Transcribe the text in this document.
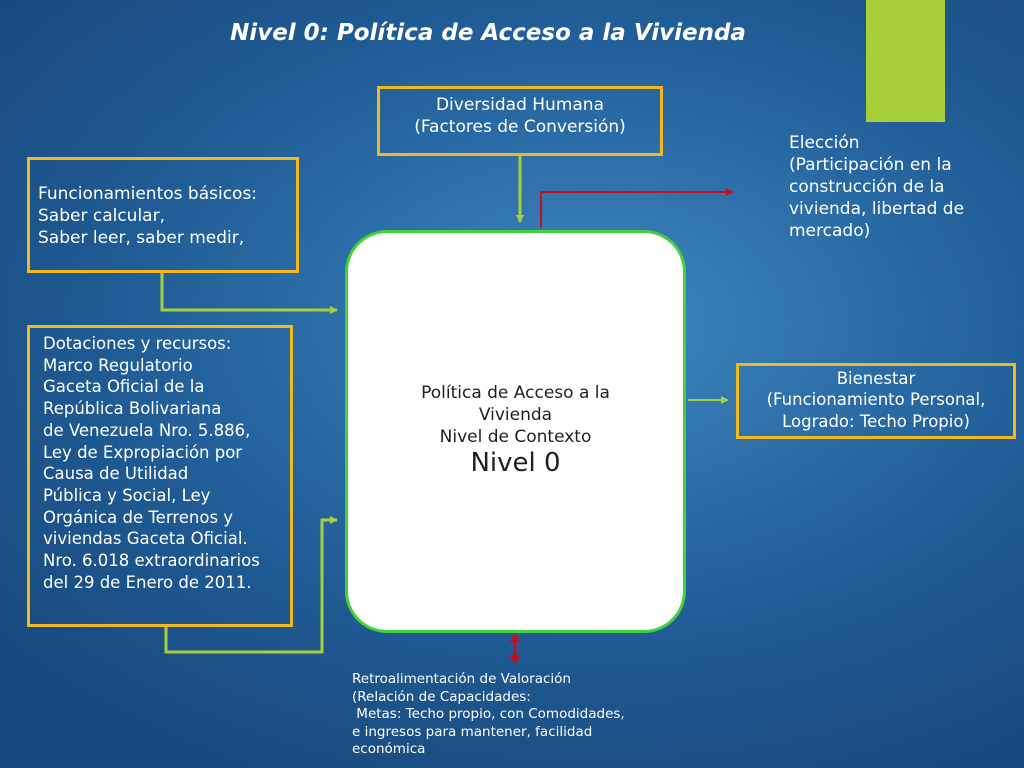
Nivel 0: Política de Acceso a la Vivienda
Diversidad Humana
(Factores de Conversión)
Funcionamientos básicos:
Saber calcular,
Saber leer, saber medir,
Dotaciones y recursos:
Marco Regulatorio
Gaceta Oficial de la
República Bolivariana
de Venezuela Nro. 5.886,
Ley de Expropiación por
Causa de Utilidad
Pública y Social, Ley
Orgánica de Terrenos y
viviendas Gaceta Oficial.
Nro. 6.018 extraordinarios
del 29 de Enero de 2011.
Política de Acceso a la
Vivienda
Nivel de Contexto
Nivel 0
Elección
(Participación en la
construcción de la
vivienda, libertad de
mercado)
Bienestar
(Funcionamiento Personal,
Logrado: Techo Propio)
Retroalimentación de Valoración
(Relación de Capacidades:
Metas: Techo propio, con Comodidades,
e ingresos para mantener, facilidad
económica
